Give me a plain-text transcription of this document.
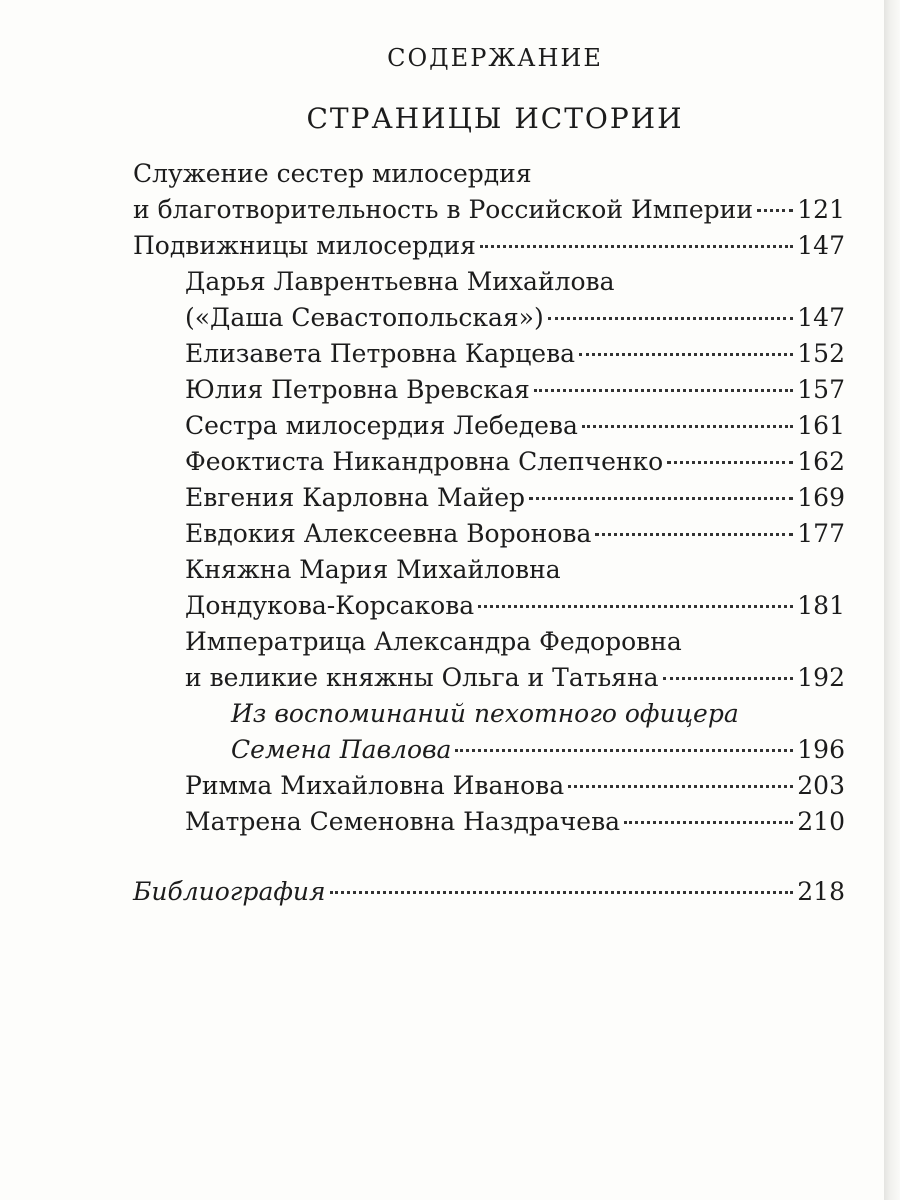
СОДЕРЖАНИЕ
СТРАНИЦЫ ИСТОРИИ
Служение сестер милосердия
и благотворительность в Российской Империи 121
Подвижницы милосердия	147
Дарья Лаврентьевна Михайлова
(«Даша Севастопольская»)	147
Елизавета Петровна Карцева	152
Юлия Петровна Вревская	157
Сестра милосердия Лебедева	161
Феоктиста Никандровна Слепченко	162
Евгения Карловна Майер	169
Евдокия Алексеевна Воронова	177
Княжна Мария Михайловна
Дондукова-Корсакова	181
Императрица Александра Федоровна
и великие княжны Ольга и Татьяна	192
Из воспоминаний пехотного офицера
Семена Павлова	196
Римма Михайловна Иванова	203
Матрена Семеновна Наздрачева	210
Библиография	218
